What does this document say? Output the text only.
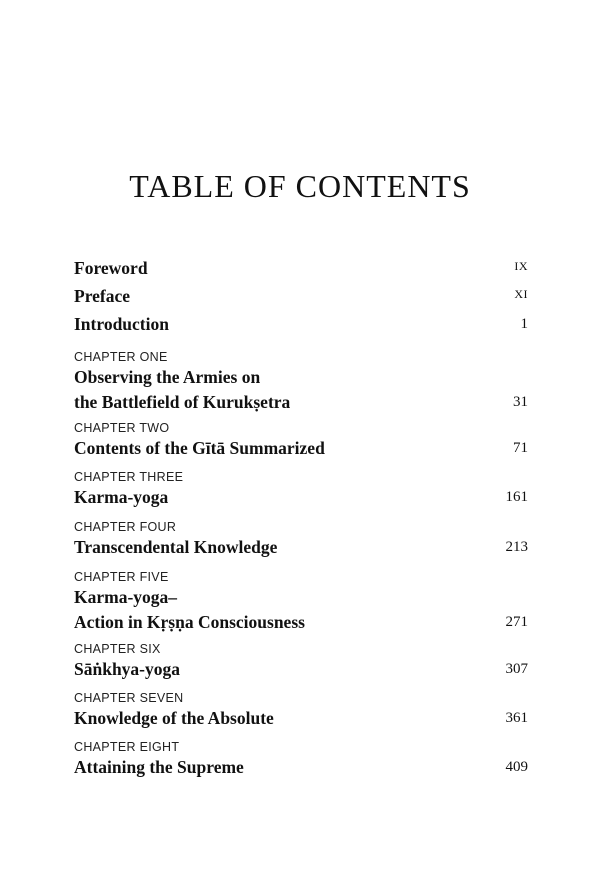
TABLE OF CONTENTS
Foreword	IX
Preface	XI
Introduction	1
CHAPTER ONE
Observing the Armies on
the Battlefield of Kurukṣetra	31
CHAPTER TWO
Contents of the Gītā Summarized	71
CHAPTER THREE
Karma-yoga	161
CHAPTER FOUR
Transcendental Knowledge	213
CHAPTER FIVE
Karma-yoga–
Action in Kṛṣṇa Consciousness	271
CHAPTER SIX
Sāṅkhya-yoga	307
CHAPTER SEVEN
Knowledge of the Absolute	361
CHAPTER EIGHT
Attaining the Supreme	409
